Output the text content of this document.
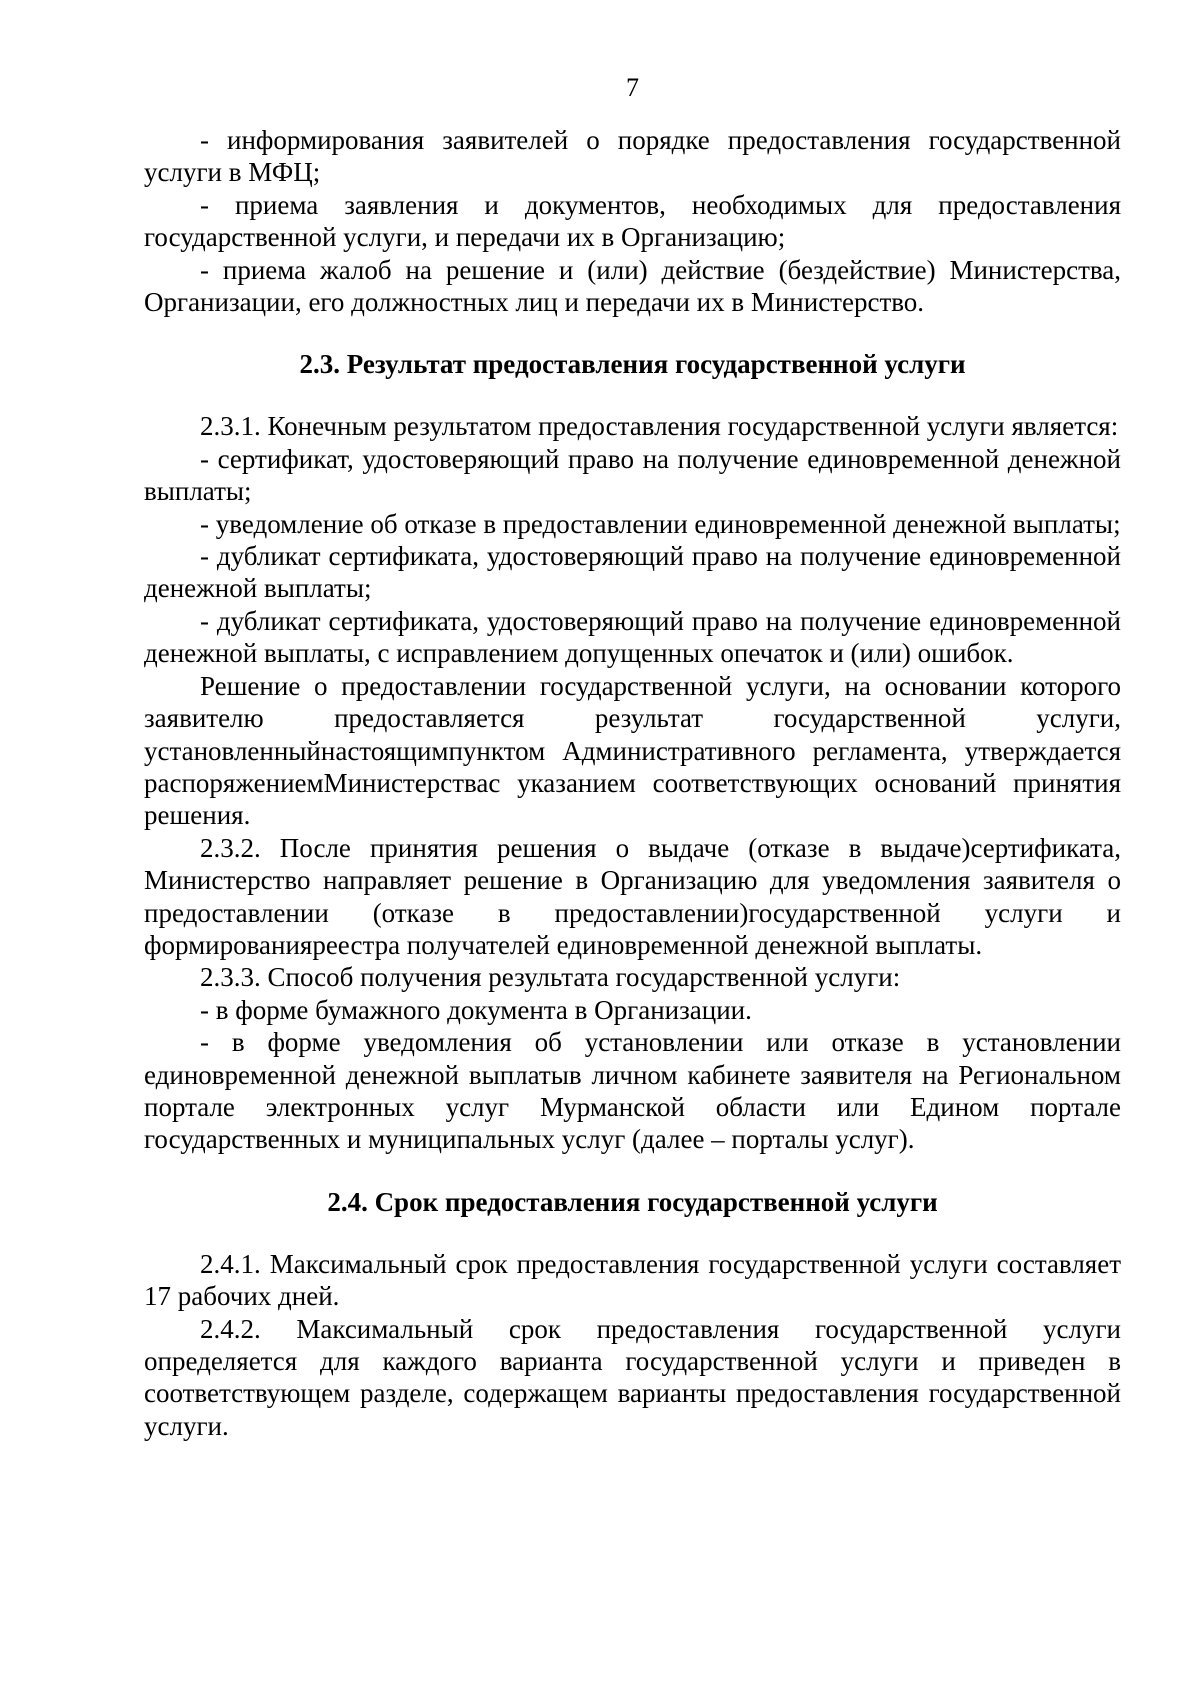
7

- информирования заявителей о порядке предоставления государственной услуги в МФЦ;

- приема заявления и документов, необходимых для предоставления государственной услуги, и передачи их в Организацию;

- приема жалоб на решение и (или) действие (бездействие) Министерства, Организации, его должностных лиц и передачи их в Министерство.

2.3. Результат предоставления государственной услуги

2.3.1. Конечным результатом предоставления государственной услуги является:

- сертификат, удостоверяющий право на получение единовременной денежной выплаты;

- уведомление об отказе в предоставлении единовременной денежной выплаты;

- дубликат сертификата, удостоверяющий право на получение единовременной денежной выплаты;

- дубликат сертификата, удостоверяющий право на получение единовременной денежной выплаты, с исправлением допущенных опечаток и (или) ошибок.

Решение о предоставлении государственной услуги, на основании которого заявителю предоставляется результат государственной услуги, установленныйнастоящимпунктом Административного регламента, утверждается распоряжениемМинистерствас указанием соответствующих оснований принятия решения.

2.3.2. После принятия решения о выдаче (отказе в выдаче)сертификата, Министерство направляет решение в Организацию для уведомления заявителя о предоставлении (отказе в предоставлении)государственной услуги и формированияреестра получателей единовременной денежной выплаты.

2.3.3. Способ получения результата государственной услуги:

- в форме бумажного документа в Организации.

- в форме уведомления об установлении или отказе в установлении единовременной денежной выплатыв личном кабинете заявителя на Региональном портале электронных услуг Мурманской области или Едином портале государственных и муниципальных услуг (далее – порталы услуг).

2.4. Срок предоставления государственной услуги

2.4.1. Максимальный срок предоставления государственной услуги составляет 17 рабочих дней.

2.4.2. Максимальный срок предоставления государственной услуги определяется для каждого варианта государственной услуги и приведен в соответствующем разделе, содержащем варианты предоставления государственной услуги.
